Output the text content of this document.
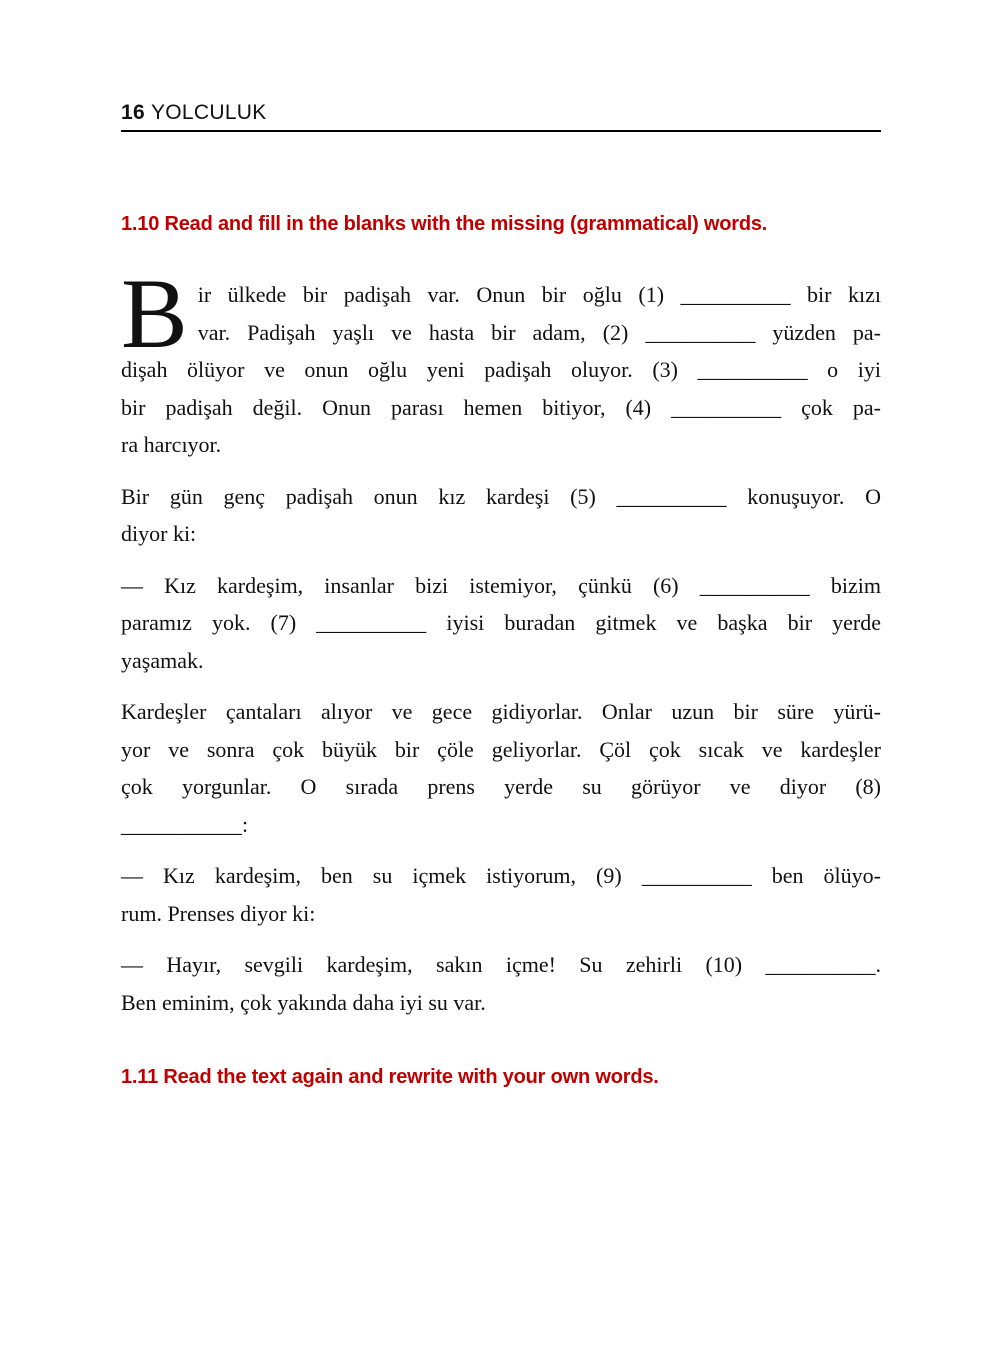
16 YOLCULUK
1.10 Read and fill in the blanks with the missing (grammatical) words.
B ir ülkede bir padişah var. Onun bir oğlu (1) __________ bir kızı
var. Padişah yaşlı ve hasta bir adam, (2) __________ yüzden pa-
dişah ölüyor ve onun oğlu yeni padişah oluyor. (3) __________ o iyi
bir padişah değil. Onun parası hemen bitiyor, (4) __________ çok pa-
ra harcıyor.
Bir gün genç padişah onun kız kardeşi (5) __________ konuşuyor. O
diyor ki:
— Kız kardeşim, insanlar bizi istemiyor, çünkü (6) __________ bizim
paramız yok. (7) __________ iyisi buradan gitmek ve başka bir yerde
yaşamak.
Kardeşler çantaları alıyor ve gece gidiyorlar. Onlar uzun bir süre yürü-
yor ve sonra çok büyük bir çöle geliyorlar. Çöl çok sıcak ve kardeşler
çok yorgunlar. O sırada prens yerde su görüyor ve diyor (8)
___________:
— Kız kardeşim, ben su içmek istiyorum, (9) __________ ben ölüyo-
rum. Prenses diyor ki:
— Hayır, sevgili kardeşim, sakın içme! Su zehirli (10) __________.
Ben eminim, çok yakında daha iyi su var.
1.11 Read the text again and rewrite with your own words.
